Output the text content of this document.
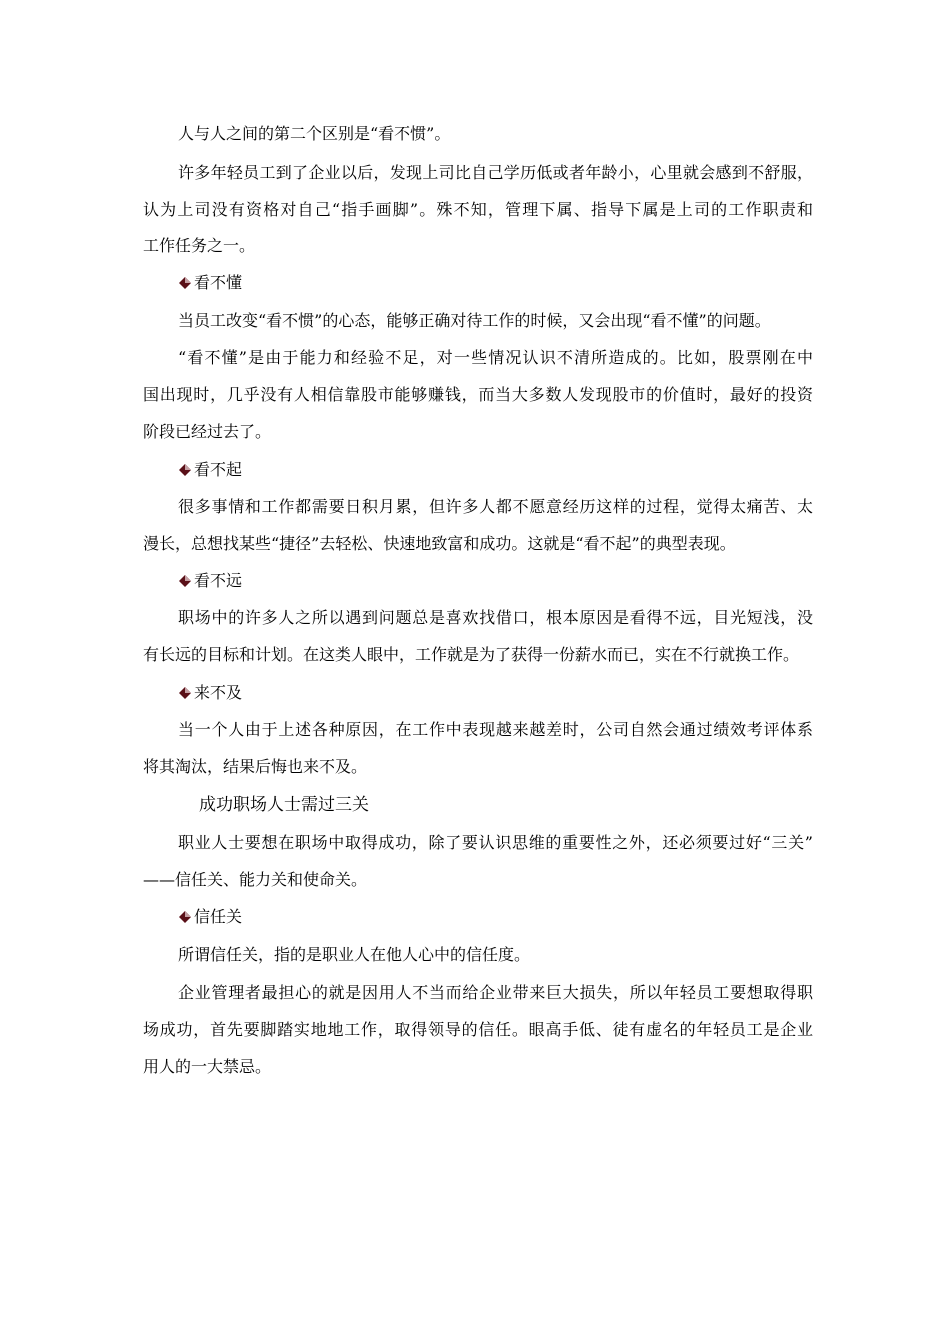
人与人之间的第二个区别是“看不惯”。
许多年轻员工到了企业以后，发现上司比自己学历低或者年龄小，心里就会感到不舒服，
认为上司没有资格对自己“指手画脚”。殊不知，管理下属、指导下属是上司的工作职责和
工作任务之一。
看不懂
当员工改变“看不惯”的心态，能够正确对待工作的时候，又会出现“看不懂”的问题。
“看不懂”是由于能力和经验不足，对一些情况认识不清所造成的。比如，股票刚在中
国出现时，几乎没有人相信靠股市能够赚钱，而当大多数人发现股市的价值时，最好的投资
阶段已经过去了。
看不起
很多事情和工作都需要日积月累，但许多人都不愿意经历这样的过程，觉得太痛苦、太
漫长，总想找某些“捷径”去轻松、快速地致富和成功。这就是“看不起”的典型表现。
看不远
职场中的许多人之所以遇到问题总是喜欢找借口，根本原因是看得不远，目光短浅，没
有长远的目标和计划。在这类人眼中，工作就是为了获得一份薪水而已，实在不行就换工作。
来不及
当一个人由于上述各种原因，在工作中表现越来越差时，公司自然会通过绩效考评体系
将其淘汰，结果后悔也来不及。
成功职场人士需过三关
职业人士要想在职场中取得成功，除了要认识思维的重要性之外，还必须要过好“三关”
——信任关、能力关和使命关。
信任关
所谓信任关，指的是职业人在他人心中的信任度。
企业管理者最担心的就是因用人不当而给企业带来巨大损失，所以年轻员工要想取得职
场成功，首先要脚踏实地地工作，取得领导的信任。眼高手低、徒有虚名的年轻员工是企业
用人的一大禁忌。
